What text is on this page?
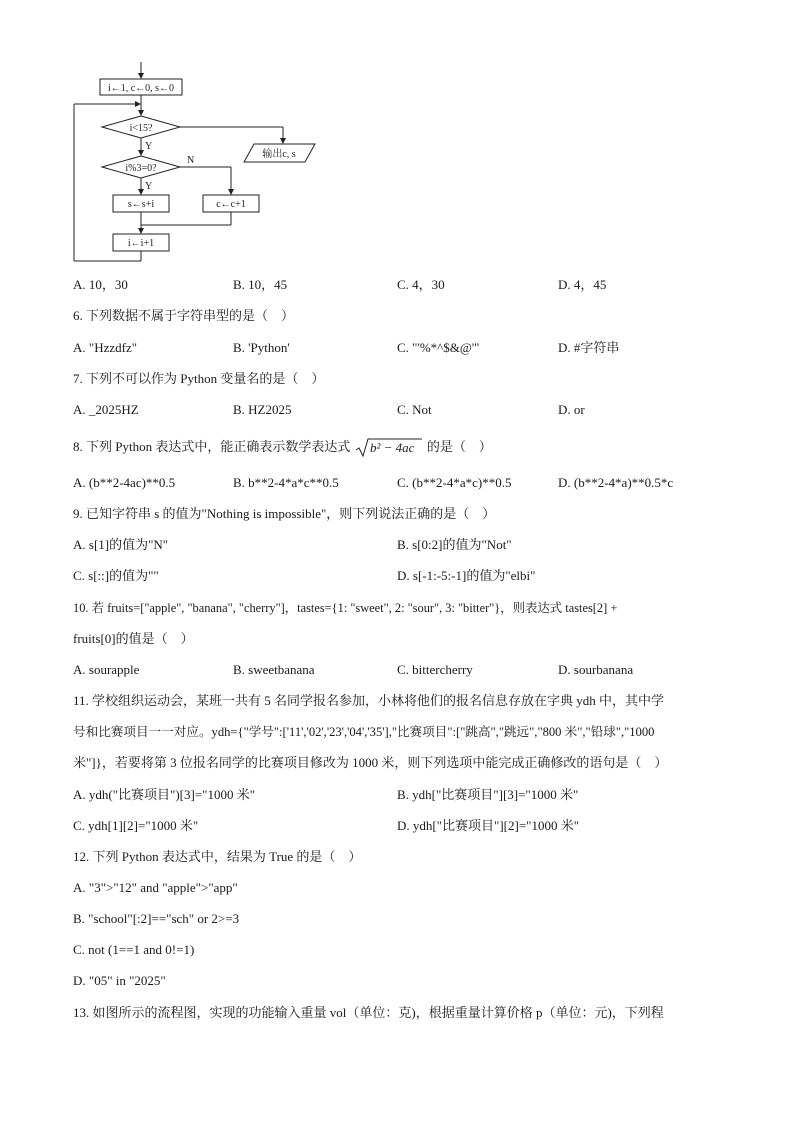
i←1, c←0, s←0
i<15?
Y
输出c, s
i%3=0?
Y
N
s←s+i	c←c+1
i←i+1
A. 10，30	B. 10，45	C. 4，30	D. 4，45
6. 下列数据不属于字符串型的是（　）
A. "Hzzdfz"	B. 'Python'	C. "'%*^$&@'"	D. #字符串
7. 下列不可以作为 Python 变量名的是（　）
A. _2025HZ	B. HZ2025	C. Not	D. or
8. 下列 Python 表达式中，能正确表示数学表达式 b² − 4ac 的是（　）
A. (b**2-4ac)**0.5	B. b**2-4*a*c**0.5	C. (b**2-4*a*c)**0.5	D. (b**2-4*a)**0.5*c
9. 已知字符串 s 的值为"Nothing is impossible"，则下列说法正确的是（　）
A. s[1]的值为"N"	B. s[0:2]的值为"Not"
C. s[::]的值为""	D. s[-1:-5:-1]的值为"elbi"
10. 若 fruits=["apple", "banana", "cherry"]，tastes={1: "sweet", 2: "sour", 3: "bitter"}，则表达式 tastes[2] +
fruits[0]的值是（　）
A. sourapple	B. sweetbanana	C. bittercherry	D. sourbanana
11. 学校组织运动会，某班一共有 5 名同学报名参加，小林将他们的报名信息存放在字典 ydh 中，其中学
号和比赛项目一一对应。ydh={"学号":['11','02','23','04','35'],"比赛项目":["跳高","跳远","800 米","铅球","1000
米"]}，若要将第 3 位报名同学的比赛项目修改为 1000 米，则下列选项中能完成正确修改的语句是（　）
A. ydh("比赛项目")[3]="1000 米"	B. ydh["比赛项目"][3]="1000 米"
C. ydh[1][2]="1000 米"	D. ydh["比赛项目"][2]="1000 米"
12. 下列 Python 表达式中，结果为 True 的是（　）
A. "3">"12" and "apple">"app"
B. "school"[:2]=="sch" or 2>=3
C. not (1==1 and 0!=1)
D. "05" in "2025"
13. 如图所示的流程图，实现的功能输入重量 vol（单位：克)，根据重量计算价格 p（单位：元)，下列程
